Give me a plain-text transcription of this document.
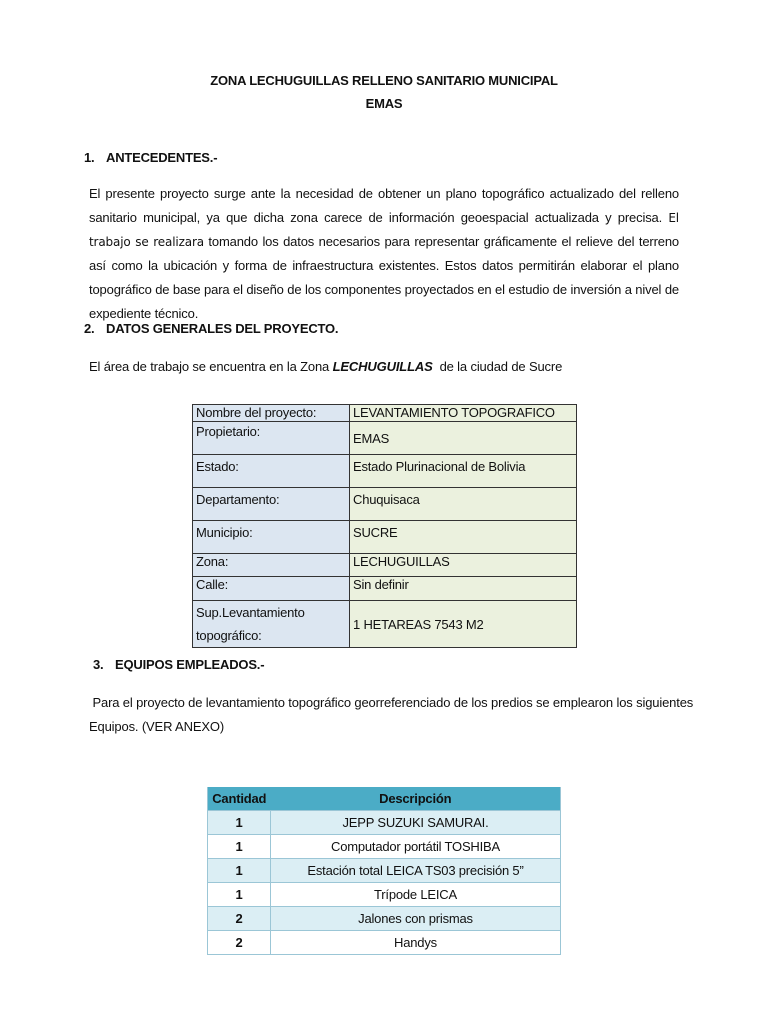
ZONA LECHUGUILLAS RELLENO SANITARIO MUNICIPAL
EMAS
1. ANTECEDENTES.-
El presente proyecto surge ante la necesidad de obtener un plano topográfico actualizado del relleno sanitario municipal, ya que dicha zona carece de información geoespacial actualizada y precisa. El trabajo se realizara tomando los datos necesarios para representar gráficamente el relieve del terreno así como la ubicación y forma de infraestructura existentes. Estos datos permitirán elaborar el plano topográfico de base para el diseño de los componentes proyectados en el estudio de inversión a nivel de expediente técnico.
2. DATOS GENERALES DEL PROYECTO.
El área de trabajo se encuentra en la Zona LECHUGUILLAS  de la ciudad de Sucre
Nombre del proyecto:	LEVANTAMIENTO TOPOGRAFICO
Propietario:	EMAS
Estado:	Estado Plurinacional de Bolivia
Departamento:	Chuquisaca
Municipio:	SUCRE
Zona:	LECHUGUILLAS
Calle:	Sin definir
Sup.Levantamiento topográfico:	1 HETAREAS 7543 M2
3. EQUIPOS EMPLEADOS.-
Para el proyecto de levantamiento topográfico georreferenciado de los predios se emplearon los siguientes
Equipos. (VER ANEXO)
Cantidad	Descripción
1	JEPP SUZUKI SAMURAI.
1	Computador portátil TOSHIBA
1	Estación total LEICA TS03 precisión 5”
1	Trípode LEICA
2	Jalones con prismas
2	Handys
